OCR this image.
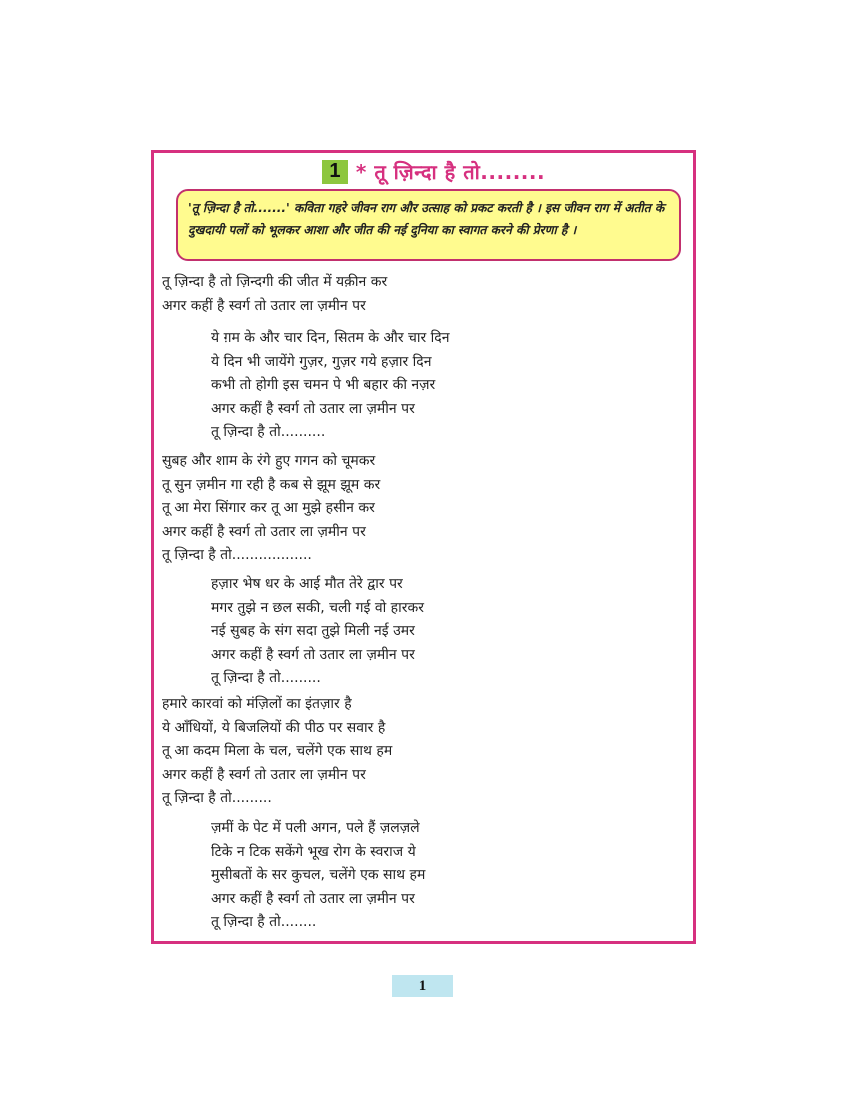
1 * तू ज़िन्दा है तो........
'तू ज़िन्दा है तो.......' कविता गहरे जीवन राग और उत्साह को प्रकट करती है । इस जीवन राग में अतीत के दुखदायी पलों को भूलकर आशा और जीत की नई दुनिया का स्वागत करने की प्रेरणा है ।
तू ज़िन्दा है तो ज़िन्दगी की जीत में यक़ीन कर
अगर कहीं है स्वर्ग तो उतार ला ज़मीन पर
ये ग़म के और चार दिन, सितम के और चार दिन
ये दिन भी जायेंगे गुज़र, गुज़र गये हज़ार दिन
कभी तो होगी इस चमन पे भी बहार की नज़र
अगर कहीं है स्वर्ग तो उतार ला ज़मीन पर
तू ज़िन्दा है तो..........
सुबह और शाम के रंगे हुए गगन को चूमकर
तू सुन ज़मीन गा रही है कब से झूम झूम कर
तू आ मेरा सिंगार कर तू आ मुझे हसीन कर
अगर कहीं है स्वर्ग तो उतार ला ज़मीन पर
तू ज़िन्दा है तो..................
हज़ार भेष धर के आई मौत तेरे द्वार पर
मगर तुझे न छल सकी, चली गई वो हारकर
नई सुबह के संग सदा तुझे मिली नई उमर
अगर कहीं है स्वर्ग तो उतार ला ज़मीन पर
तू ज़िन्दा है तो.........
हमारे कारवां को मंज़िलों का इंतज़ार है
ये आँधियों, ये बिजलियों की पीठ पर सवार है
तू आ कदम मिला के चल, चलेंगे एक साथ हम
अगर कहीं है स्वर्ग तो उतार ला ज़मीन पर
तू ज़िन्दा है तो.........
ज़मीं के पेट में पली अगन, पले हैं ज़लज़ले
टिके न टिक सकेंगे भूख रोग के स्वराज ये
मुसीबतों के सर कुचल, चलेंगे एक साथ हम
अगर कहीं है स्वर्ग तो उतार ला ज़मीन पर
तू ज़िन्दा है तो........
1
